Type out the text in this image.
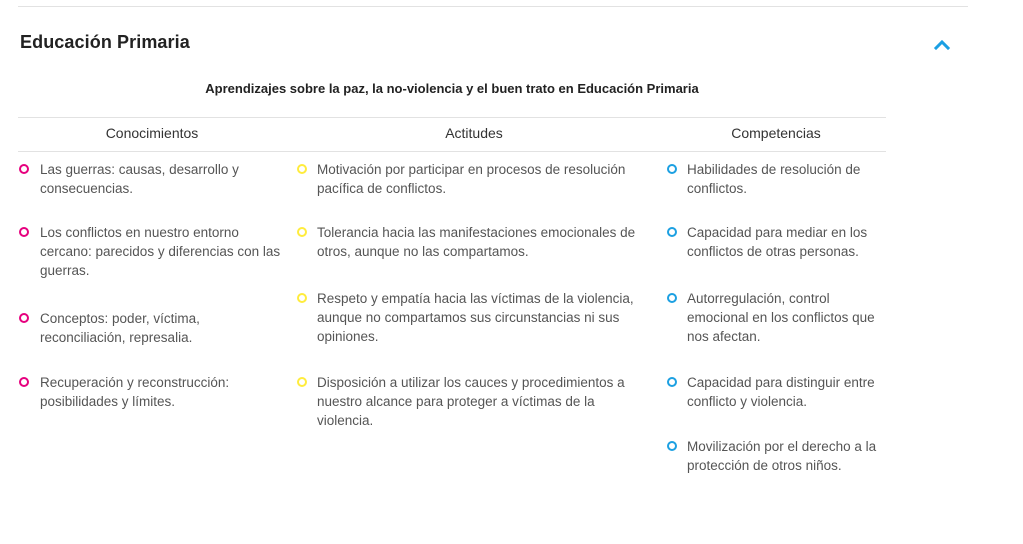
Educación Primaria
Aprendizajes sobre la paz, la no-violencia y el buen trato en Educación Primaria
Conocimientos	Actitudes	Competencias
Las guerras: causas, desarrollo y consecuencias.
Los conflictos en nuestro entorno cercano: parecidos y diferencias con las guerras.
Conceptos: poder, víctima, reconciliación, represalia.
Recuperación y reconstrucción: posibilidades y límites.
Motivación por participar en procesos de resolución pacífica de conflictos.
Tolerancia hacia las manifestaciones emocionales de otros, aunque no las compartamos.
Respeto y empatía hacia las víctimas de la violencia, aunque no compartamos sus circunstancias ni sus opiniones.
Disposición a utilizar los cauces y procedimientos a nuestro alcance para proteger a víctimas de la violencia.
Habilidades de resolución de conflictos.
Capacidad para mediar en los conflictos de otras personas.
Autorregulación, control emocional en los conflictos que nos afectan.
Capacidad para distinguir entre conflicto y violencia.
Movilización por el derecho a la protección de otros niños.
